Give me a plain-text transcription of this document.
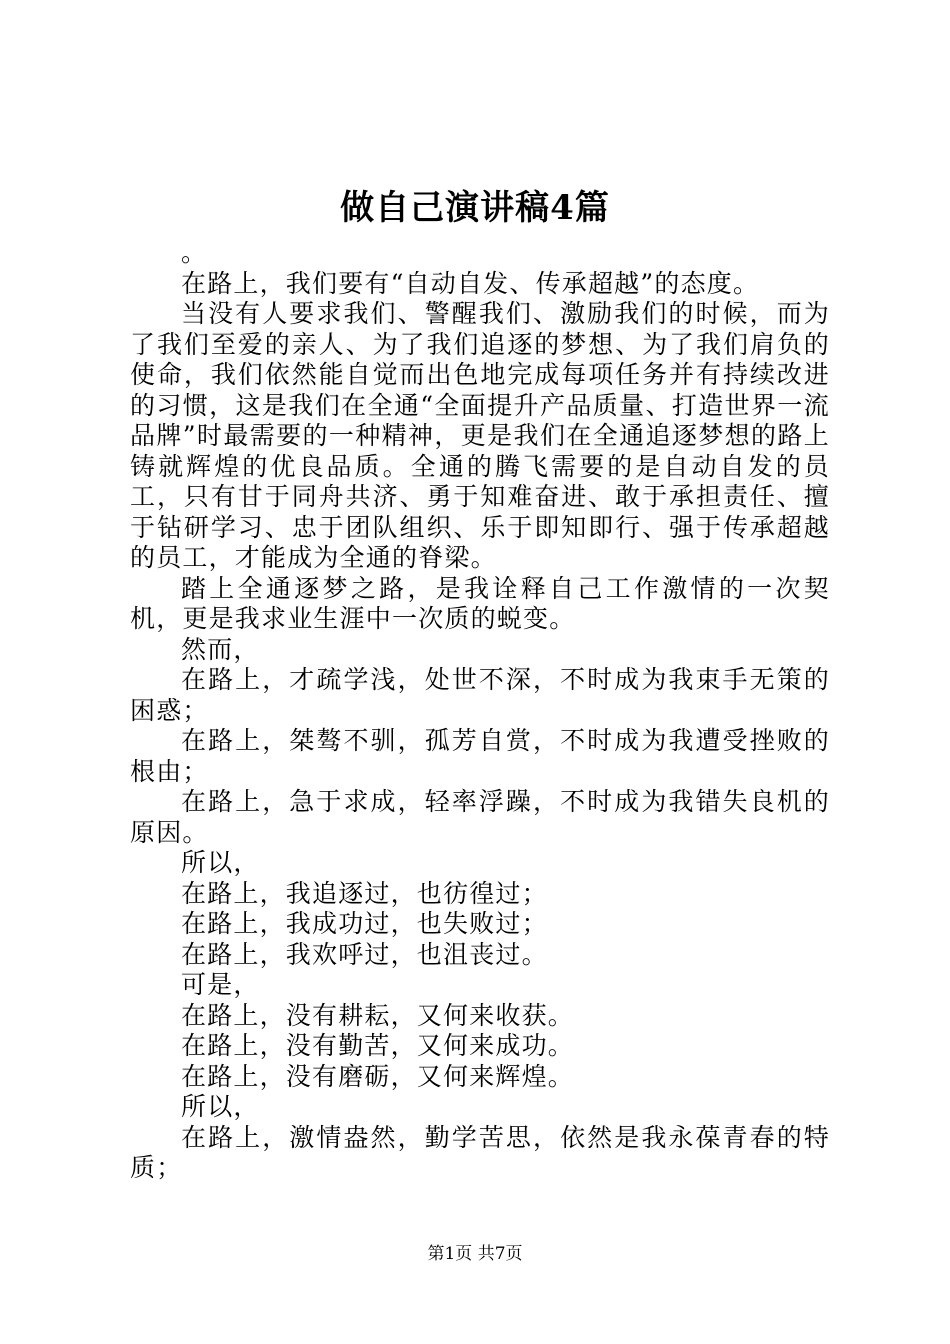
做自己演讲稿4篇

。

在路上，我们要有“自动自发、传承超越”的态度。

当没有人要求我们、警醒我们、激励我们的时候，而为了我们至爱的亲人、为了我们追逐的梦想、为了我们肩负的使命，我们依然能自觉而出色地完成每项任务并有持续改进的习惯，这是我们在全通“全面提升产品质量、打造世界一流品牌”时最需要的一种精神，更是我们在全通追逐梦想的路上铸就辉煌的优良品质。全通的腾飞需要的是自动自发的员工，只有甘于同舟共济、勇于知难奋进、敢于承担责任、擅于钻研学习、忠于团队组织、乐于即知即行、强于传承超越的员工，才能成为全通的脊梁。

踏上全通逐梦之路，是我诠释自己工作激情的一次契机，更是我求业生涯中一次质的蜕变。

然而，

在路上，才疏学浅，处世不深，不时成为我束手无策的困惑；

在路上，桀骜不驯，孤芳自赏，不时成为我遭受挫败的根由；

在路上，急于求成，轻率浮躁，不时成为我错失良机的原因。

所以，

在路上，我追逐过，也彷徨过；

在路上，我成功过，也失败过；

在路上，我欢呼过，也沮丧过。

可是，

在路上，没有耕耘，又何来收获。

在路上，没有勤苦，又何来成功。

在路上，没有磨砺，又何来辉煌。

所以，

在路上，激情盎然，勤学苦思，依然是我永葆青春的特质；

第1页 共7页
